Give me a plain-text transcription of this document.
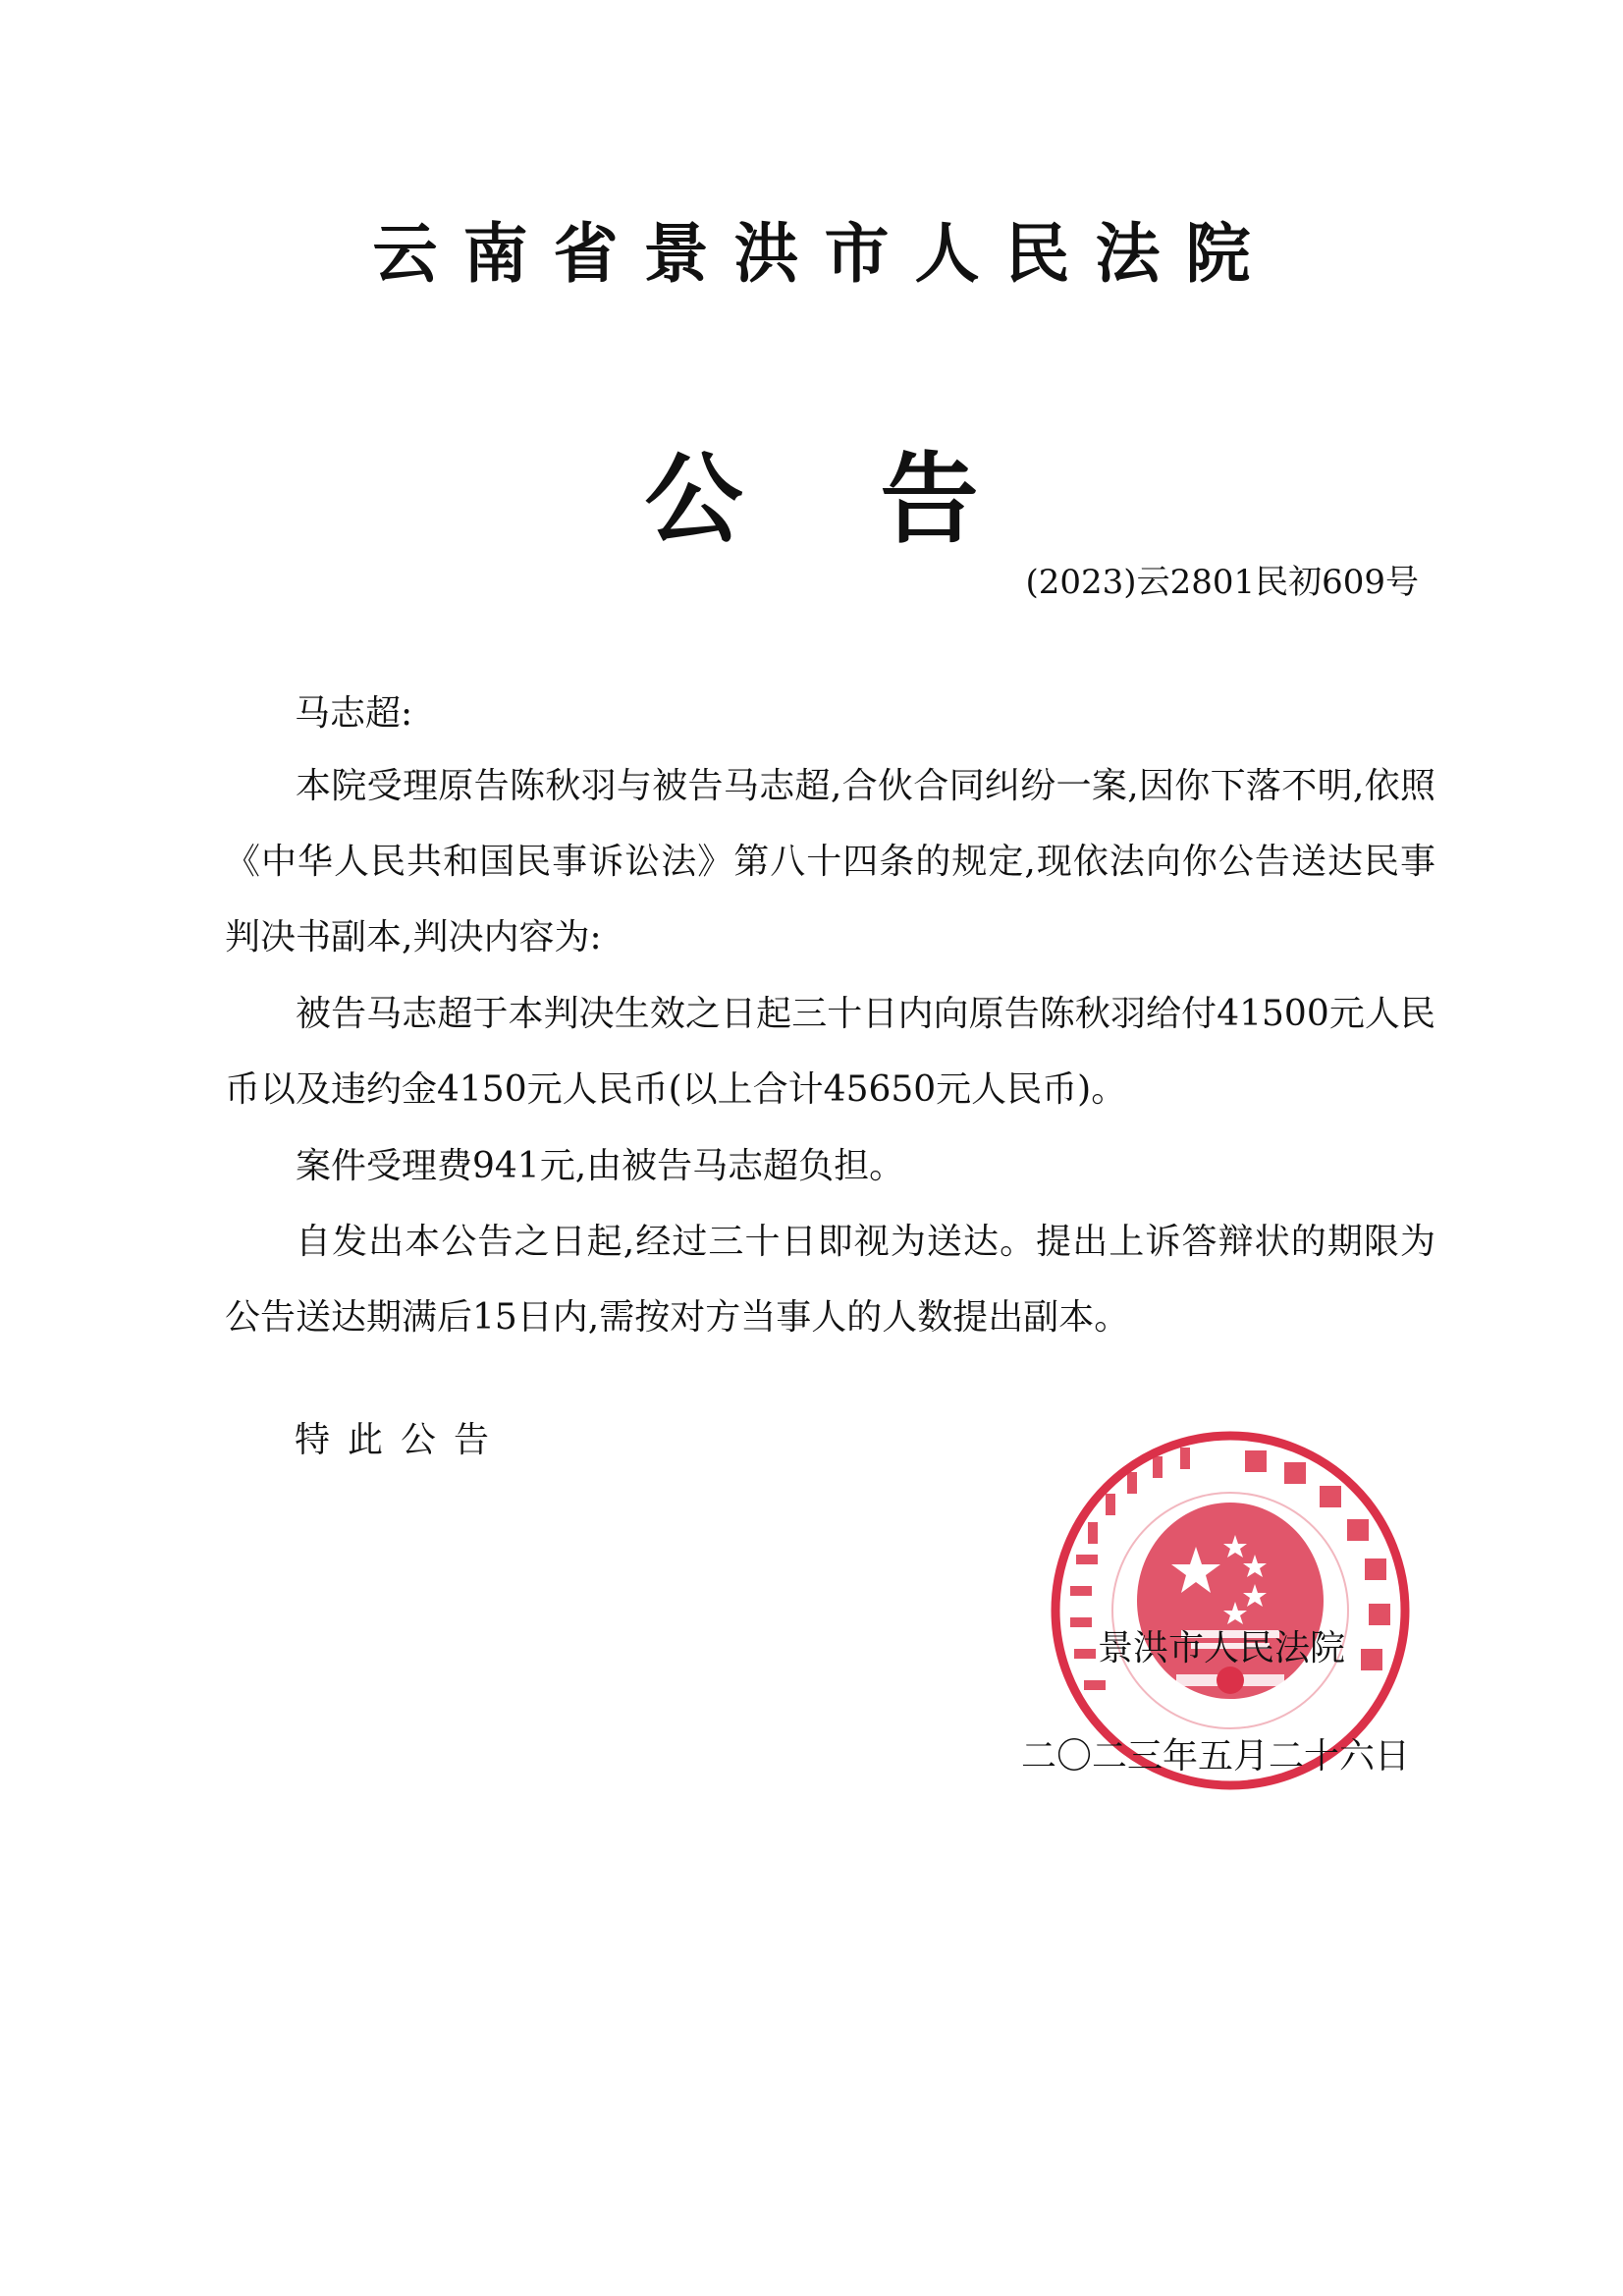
云南省景洪市人民法院
公告
(2023)云2801民初609号
马志超:

本院受理原告陈秋羽与被告马志超,合伙合同纠纷一案,因你下落不明,依照《中华人民共和国民事诉讼法》第八十四条的规定,现依法向你公告送达民事判决书副本,判决内容为:

被告马志超于本判决生效之日起三十日内向原告陈秋羽给付41500元人民币以及违约金4150元人民币(以上合计45650元人民币)。

案件受理费941元,由被告马志超负担。

自发出本公告之日起,经过三十日即视为送达。提出上诉答辩状的期限为公告送达期满后15日内,需按对方当事人的人数提出副本。

特此公告
景洪市人民法院
二〇二三年五月二十六日
